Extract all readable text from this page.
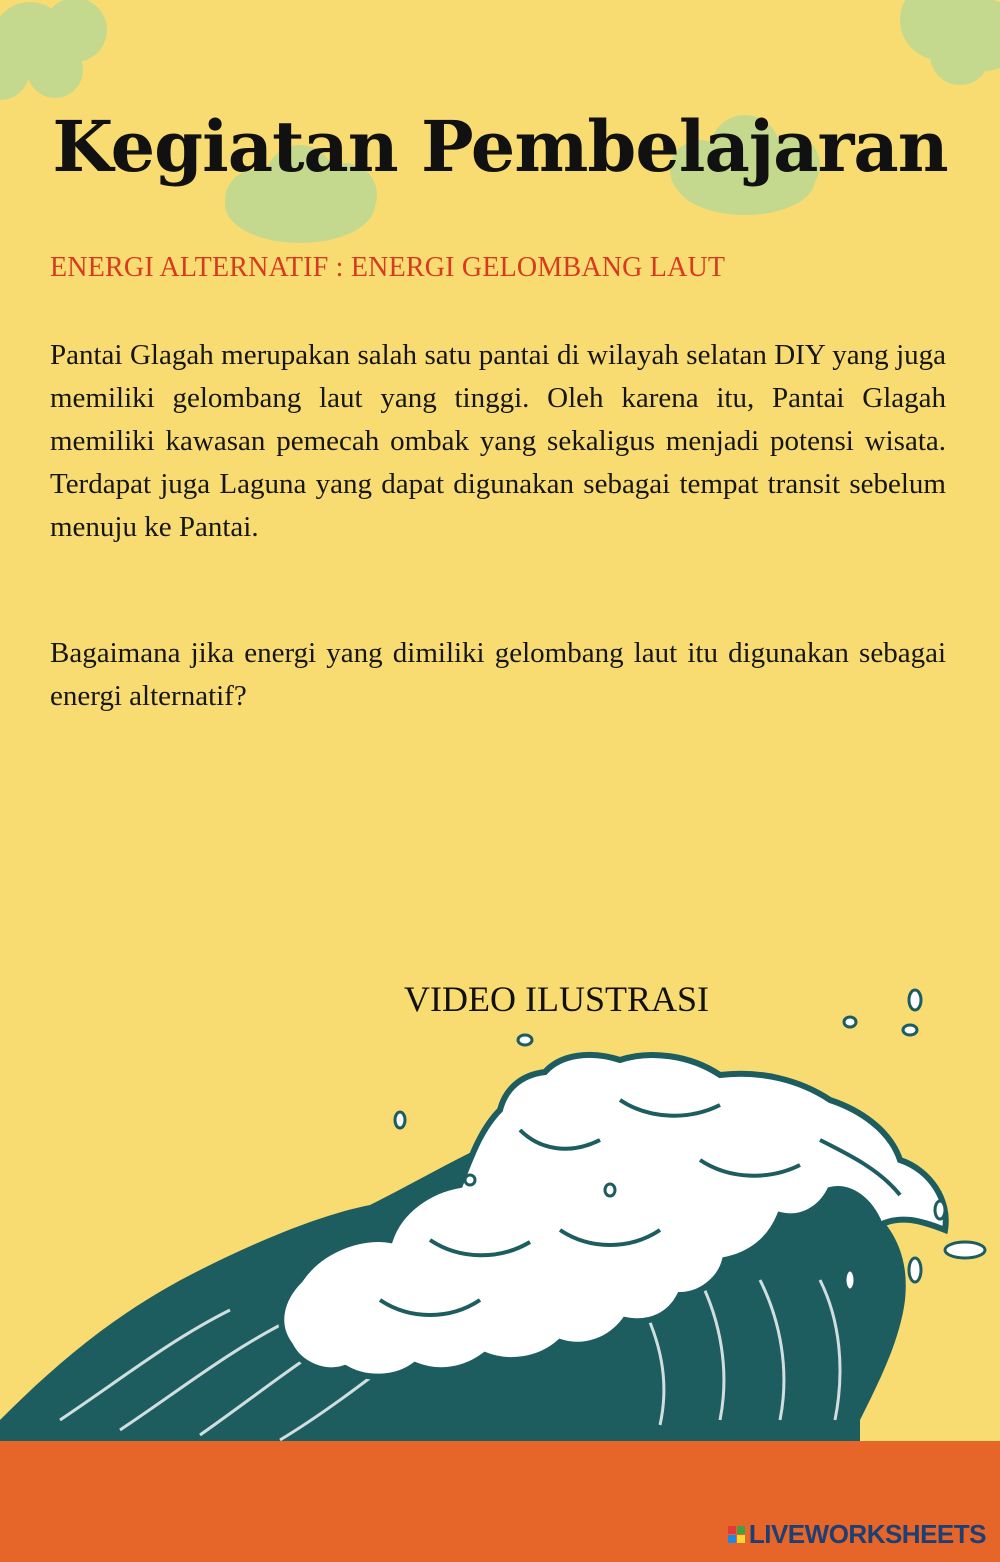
Kegiatan Pembelajaran

ENERGI ALTERNATIF : ENERGI GELOMBANG LAUT

Pantai Glagah merupakan salah satu pantai di wilayah selatan DIY yang juga memiliki gelombang laut yang tinggi. Oleh karena itu, Pantai Glagah memiliki kawasan pemecah ombak yang sekaligus menjadi potensi wisata. Terdapat juga Laguna yang dapat digunakan sebagai tempat transit sebelum menuju ke Pantai.

Bagaimana jika energi yang dimiliki gelombang laut itu digunakan sebagai energi alternatif?

VIDEO ILUSTRASI

LIVEWORKSHEETS
